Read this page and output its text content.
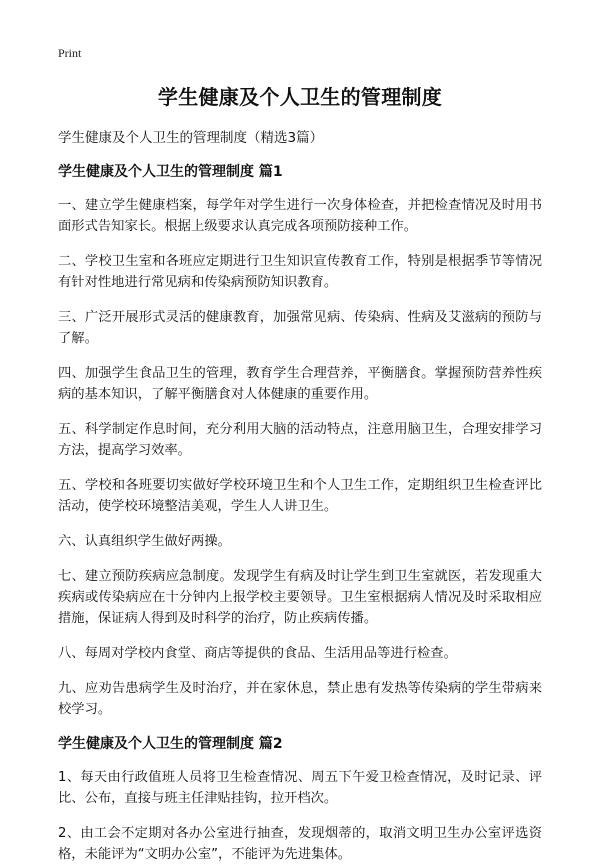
Print
学生健康及个人卫生的管理制度
学生健康及个人卫生的管理制度（精选3篇）
学生健康及个人卫生的管理制度 篇1

一、建立学生健康档案，每学年对学生进行一次身体检查，并把检查情况及时用书面形式告知家长。根据上级要求认真完成各项预防接种工作。

二、学校卫生室和各班应定期进行卫生知识宣传教育工作，特别是根据季节等情况有针对性地进行常见病和传染病预防知识教育。

三、广泛开展形式灵活的健康教育，加强常见病、传染病、性病及艾滋病的预防与了解。

四、加强学生食品卫生的管理，教育学生合理营养，平衡膳食。掌握预防营养性疾病的基本知识，了解平衡膳食对人体健康的重要作用。

五、科学制定作息时间，充分利用大脑的活动特点，注意用脑卫生，合理安排学习方法，提高学习效率。

五、学校和各班要切实做好学校环境卫生和个人卫生工作，定期组织卫生检查评比活动，使学校环境整洁美观，学生人人讲卫生。

六、认真组织学生做好两操。

七、建立预防疾病应急制度。发现学生有病及时让学生到卫生室就医，若发现重大疾病或传染病应在十分钟内上报学校主要领导。卫生室根据病人情况及时采取相应措施，保证病人得到及时科学的治疗，防止疾病传播。

八、每周对学校内食堂、商店等提供的食品、生活用品等进行检查。

九、应劝告患病学生及时治疗，并在家休息，禁止患有发热等传染病的学生带病来校学习。

学生健康及个人卫生的管理制度 篇2

1、每天由行政值班人员将卫生检查情况、周五下午爱卫检查情况，及时记录、评比、公布，直接与班主任津贴挂钩，拉开档次。

2、由工会不定期对各办公室进行抽查，发现烟蒂的，取消文明卫生办公室评选资格，未能评为“文明办公室”，不能评为先进集体。
